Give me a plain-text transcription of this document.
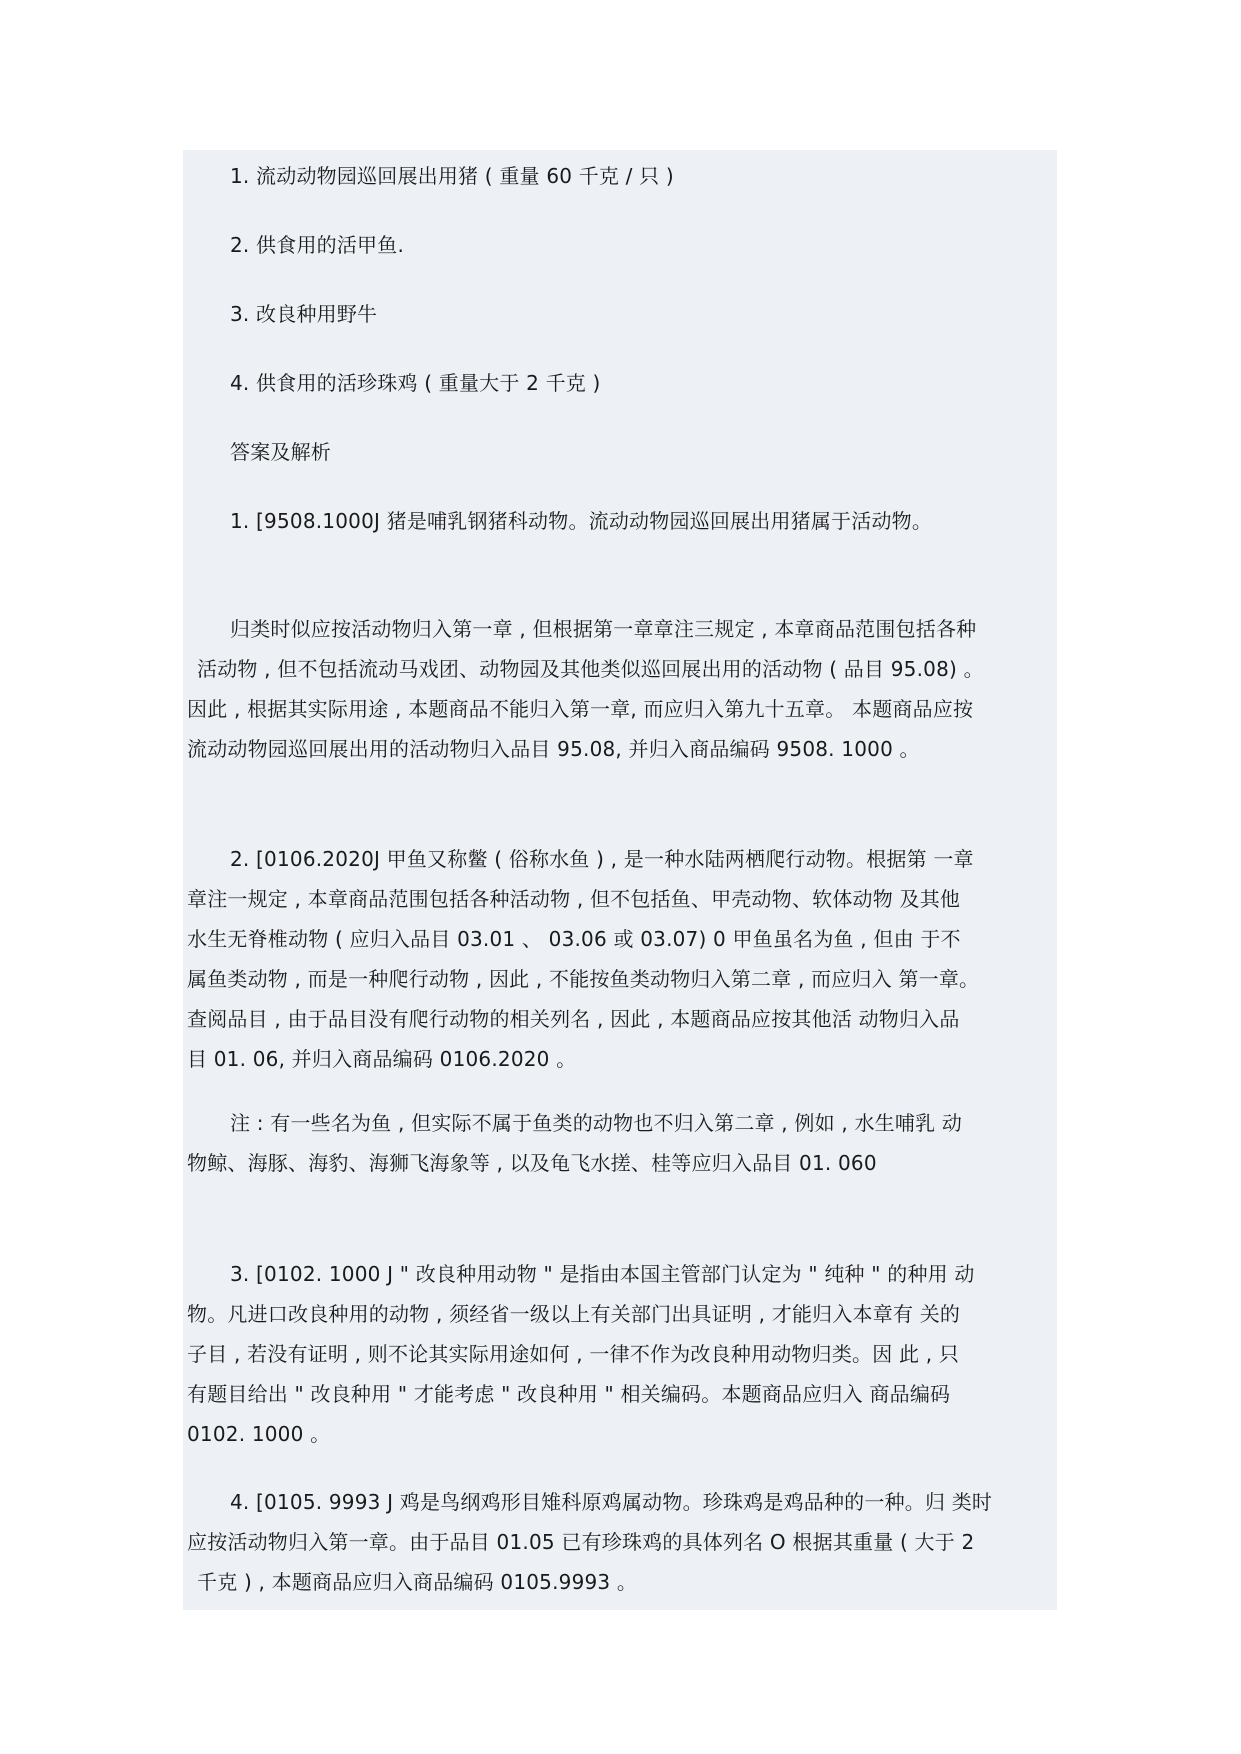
1. 流动动物园巡回展出用猪 ( 重量 60 千克 / 只 )
2. 供食用的活甲鱼.
3. 改良种用野牛
4. 供食用的活珍珠鸡 ( 重量大于 2 千克 )
答案及解析
1. [9508.1000J 猪是哺乳钢猪科动物。流动动物园巡回展出用猪属于活动物。
归类时似应按活动物归入第一章 , 但根据第一章章注三规定 , 本章商品范围包括各种
活动物 , 但不包括流动马戏团、动物园及其他类似巡回展出用的活动物 ( 品目 95.08) 。
因此 , 根据其实际用途 , 本题商品不能归入第一章, 而应归入第九十五章。 本题商品应按
流动动物园巡回展出用的活动物归入品目 95.08, 并归入商品编码 9508. 1000 。
2. [0106.2020J 甲鱼又称鳖 ( 俗称水鱼 ) , 是一种水陆两栖爬行动物。根据第 一章
章注一规定 , 本章商品范围包括各种活动物 , 但不包括鱼、甲壳动物、软体动物 及其他
水生无脊椎动物 ( 应归入品目 03.01 、 03.06 或 03.07) 0 甲鱼虽名为鱼 , 但由 于不
属鱼类动物 , 而是一种爬行动物 , 因此 , 不能按鱼类动物归入第二章 , 而应归入 第一章。
查阅品目 , 由于品目没有爬行动物的相关列名 , 因此 , 本题商品应按其他活 动物归入品
目 01. 06, 并归入商品编码 0106.2020 。
注 : 有一些名为鱼 , 但实际不属于鱼类的动物也不归入第二章 , 例如 , 水生哺乳 动
物鲸、海豚、海豹、海狮飞海象等 , 以及龟飞水搓、桂等应归入品目 01. 060
3. [0102. 1000 J " 改良种用动物 " 是指由本国主管部门认定为 " 纯种 " 的种用 动
物。凡进口改良种用的动物 , 须经省一级以上有关部门出具证明 , 才能归入本章有 关的
子目 , 若没有证明 , 则不论其实际用途如何 , 一律不作为改良种用动物归类。因 此 , 只
有题目给出 " 改良种用 " 才能考虑 " 改良种用 " 相关编码。本题商品应归入 商品编码
0102. 1000 。
4. [0105. 9993 J 鸡是鸟纲鸡形目雉科原鸡属动物。珍珠鸡是鸡品种的一种。归 类时
应按活动物归入第一章。由于品目 01.05 已有珍珠鸡的具体列名 O 根据其重量 ( 大于 2
千克 ) , 本题商品应归入商品编码 0105.9993 。
